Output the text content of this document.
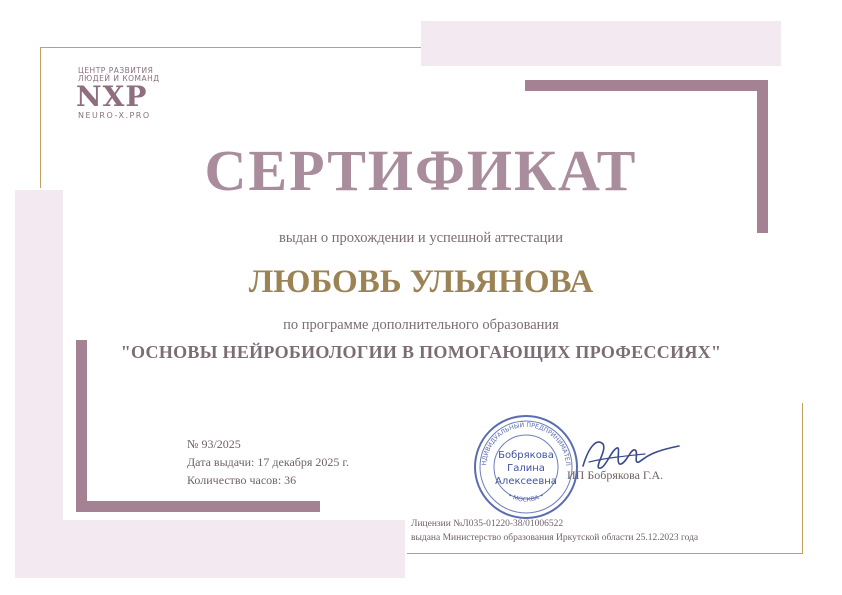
ЦЕНТР РАЗВИТИЯ
ЛЮДЕЙ И КОМАНД
NXP
NEURO-X.PRO
СЕРТИФИКАТ
выдан о прохождении и успешной аттестации
ЛЮБОВЬ УЛЬЯНОВА
по программе дополнительного образования
"ОСНОВЫ НЕЙРОБИОЛОГИИ В ПОМОГАЮЩИХ ПРОФЕССИЯХ"
№ 93/2025
Дата выдачи: 17 декабря 2025 г.
Количество часов: 36	ИП Бобрякова Г.А.
НДИВИДУАЛЬНЫЙ ПРЕДПРИНИМАТЕЛ
• МОСКВА •
Бобрякова
Галина
Алексеевна
Лицензии №Л035-01220-38/01006522
выдана Министерство образования Иркутской области 25.12.2023 года
